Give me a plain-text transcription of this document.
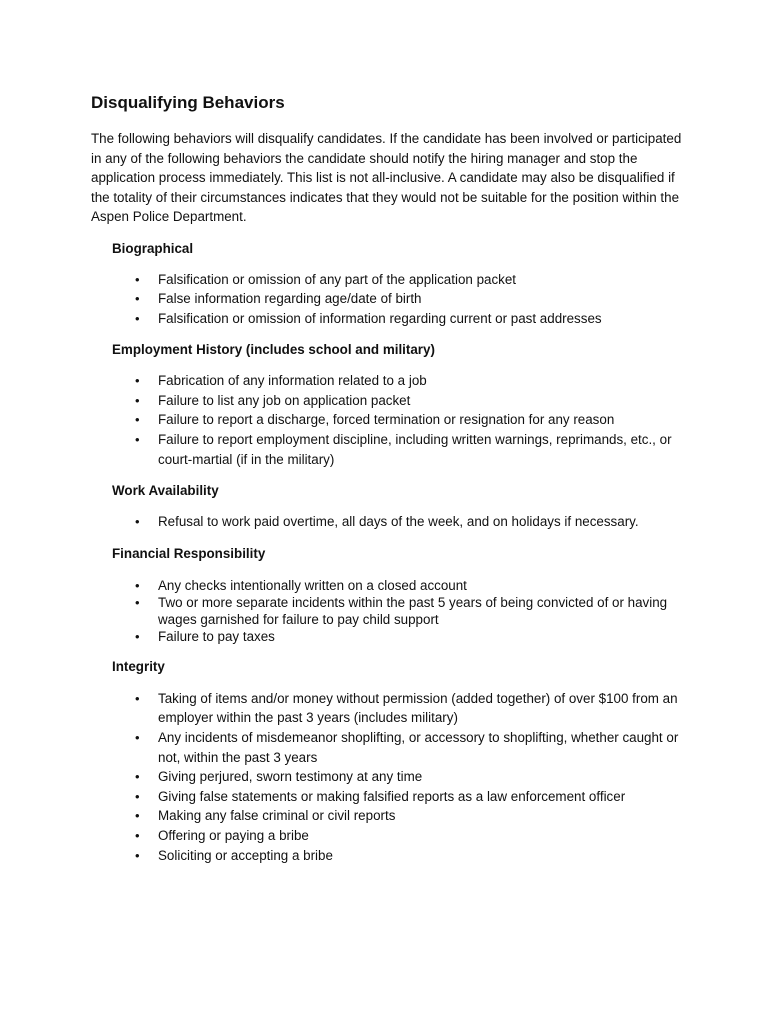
Disqualifying Behaviors

The following behaviors will disqualify candidates. If the candidate has been involved or participated in any of the following behaviors the candidate should notify the hiring manager and stop the application process immediately. This list is not all-inclusive. A candidate may also be disqualified if the totality of their circumstances indicates that they would not be suitable for the position within the Aspen Police Department.

Biographical
• Falsification or omission of any part of the application packet
• False information regarding age/date of birth
• Falsification or omission of information regarding current or past addresses
Employment History (includes school and military)
• Fabrication of any information related to a job
• Failure to list any job on application packet
• Failure to report a discharge, forced termination or resignation for any reason
• Failure to report employment discipline, including written warnings, reprimands, etc., or court-martial (if in the military)
Work Availability
• Refusal to work paid overtime, all days of the week, and on holidays if necessary.
Financial Responsibility
• Any checks intentionally written on a closed account
• Two or more separate incidents within the past 5 years of being convicted of or having wages garnished for failure to pay child support
• Failure to pay taxes
Integrity
• Taking of items and/or money without permission (added together) of over $100 from an employer within the past 3 years (includes military)
• Any incidents of misdemeanor shoplifting, or accessory to shoplifting, whether caught or not, within the past 3 years
• Giving perjured, sworn testimony at any time
• Giving false statements or making falsified reports as a law enforcement officer
• Making any false criminal or civil reports
• Offering or paying a bribe
• Soliciting or accepting a bribe
